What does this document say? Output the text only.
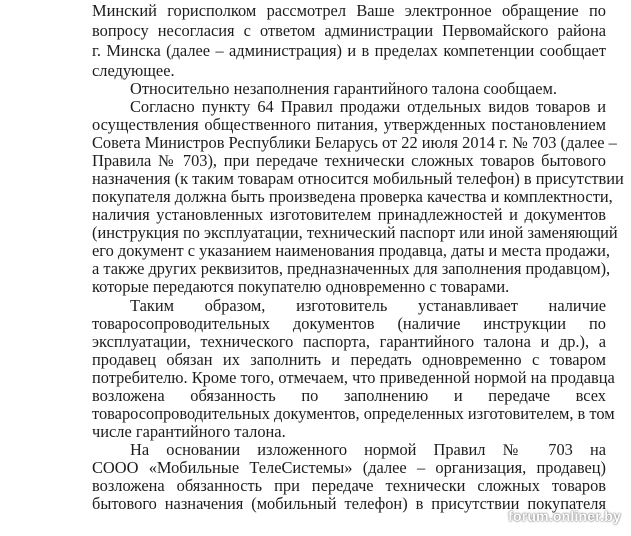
Минский горисполком рассмотрел Ваше электронное обращение по
вопросу несогласия с ответом администрации Первомайского района
г. Минска (далее – администрация) и в пределах компетенции сообщает
следующее.
Относительно незаполнения гарантийного талона сообщаем.
Согласно пункту 64 Правил продажи отдельных видов товаров и
осуществления общественного питания, утвержденных постановлением
Совета Министров Республики Беларусь от 22 июля 2014 г. № 703 (далее –
Правила № 703), при передаче технически сложных товаров бытового
назначения (к таким товарам относится мобильный телефон) в присутствии
покупателя должна быть произведена проверка качества и комплектности,
наличия установленных изготовителем принадлежностей и документов
(инструкция по эксплуатации, технический паспорт или иной заменяющий
его документ с указанием наименования продавца, даты и места продажи,
а также других реквизитов, предназначенных для заполнения продавцом),
которые передаются покупателю одновременно с товарами.
Таким образом, изготовитель устанавливает наличие
товаросопроводительных документов (наличие инструкции по
эксплуатации, технического паспорта, гарантийного талона и др.), а
продавец обязан их заполнить и передать одновременно с товаром
потребителю. Кроме того, отмечаем, что приведенной нормой на продавца
возложена обязанность по заполнению и передаче всех
товаросопроводительных документов, определенных изготовителем, в том
числе гарантийного талона.
На основании изложенного нормой Правил № 703 на
СООО «Мобильные ТелеСистемы» (далее – организация, продавец)
возложена обязанность при передаче технически сложных товаров
бытового назначения (мобильный телефон) в присутствии покупателя
forum.onliner.by
